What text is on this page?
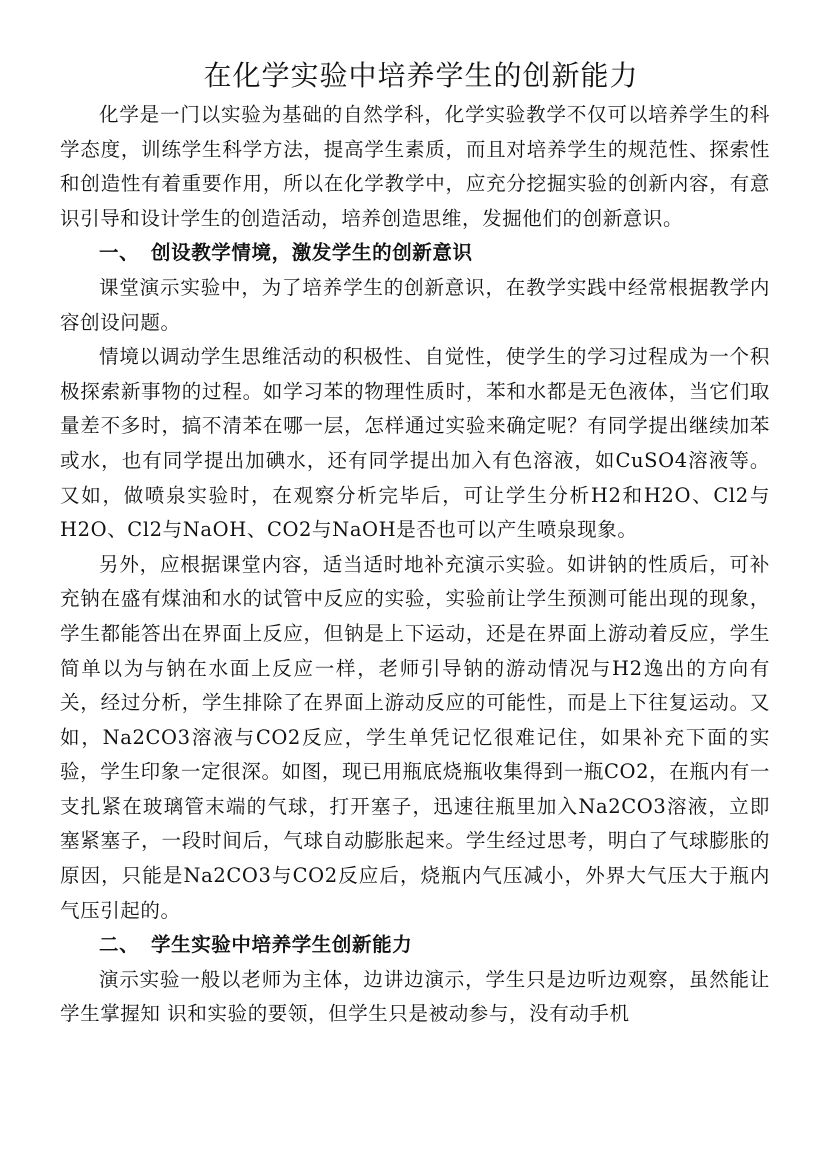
在化学实验中培养学生的创新能力

化学是一门以实验为基础的自然学科，化学实验教学不仅可以培养学生的科学态度，训练学生科学方法，提高学生素质，而且对培养学生的规范性、探索性和创造性有着重要作用，所以在化学教学中，应充分挖掘实验的创新内容，有意识引导和设计学生的创造活动，培养创造思维，发掘他们的创新意识。

一、 创设教学情境，激发学生的创新意识

课堂演示实验中，为了培养学生的创新意识，在教学实践中经常根据教学内容创设问题。

情境以调动学生思维活动的积极性、自觉性，使学生的学习过程成为一个积极探索新事物的过程。如学习苯的物理性质时，苯和水都是无色液体，当它们取量差不多时，搞不清苯在哪一层，怎样通过实验来确定呢？有同学提出继续加苯或水，也有同学提出加碘水，还有同学提出加入有色溶液，如CuSO4溶液等。又如，做喷泉实验时，在观察分析完毕后，可让学生分析H2和H2O、Cl2与H2O、Cl2与NaOH、CO2与NaOH是否也可以产生喷泉现象。

另外，应根据课堂内容，适当适时地补充演示实验。如讲钠的性质后，可补充钠在盛有煤油和水的试管中反应的实验，实验前让学生预测可能出现的现象，学生都能答出在界面上反应，但钠是上下运动，还是在界面上游动着反应，学生简单以为与钠在水面上反应一样，老师引导钠的游动情况与H2逸出的方向有关，经过分析，学生排除了在界面上游动反应的可能性，而是上下往复运动。又如，Na2CO3溶液与CO2反应，学生单凭记忆很难记住，如果补充下面的实验，学生印象一定很深。如图，现已用瓶底烧瓶收集得到一瓶CO2，在瓶内有一支扎紧在玻璃管末端的气球，打开塞子，迅速往瓶里加入Na2CO3溶液，立即塞紧塞子，一段时间后，气球自动膨胀起来。学生经过思考，明白了气球膨胀的原因，只能是Na2CO3与CO2反应后，烧瓶内气压减小，外界大气压大于瓶内气压引起的。

二、 学生实验中培养学生创新能力

演示实验一般以老师为主体，边讲边演示，学生只是边听边观察，虽然能让学生掌握知 识和实验的要领，但学生只是被动参与，没有动手机
